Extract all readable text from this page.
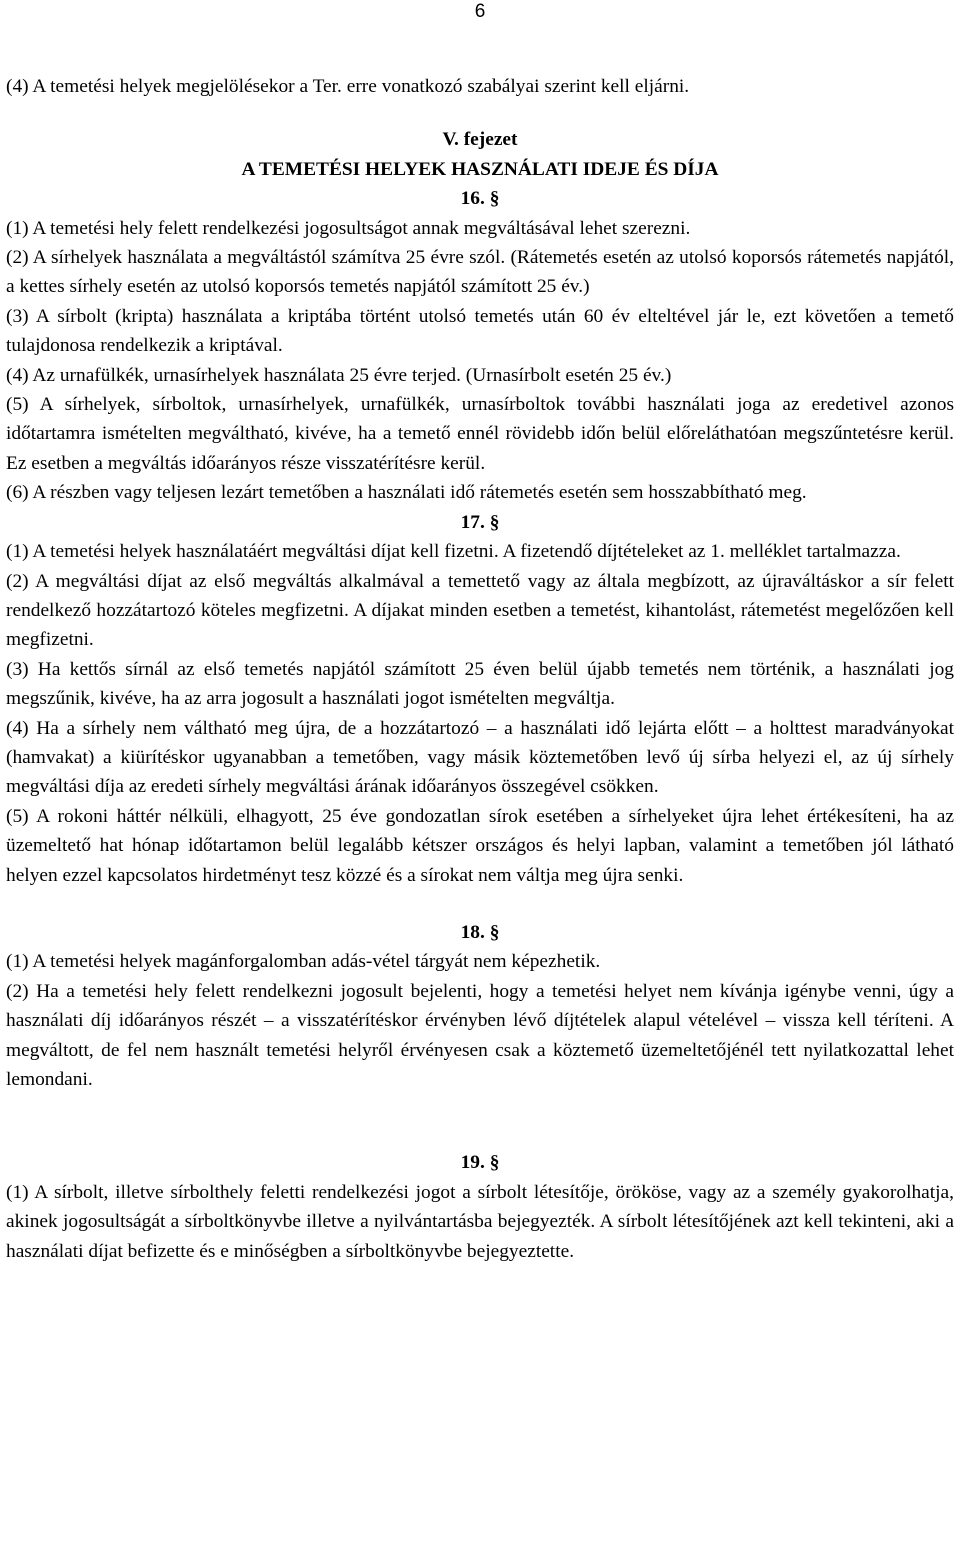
6

(4) A temetési helyek megjelölésekor a Ter. erre vonatkozó szabályai szerint kell eljárni.

V. fejezet

A TEMETÉSI HELYEK HASZNÁLATI IDEJE ÉS DÍJA

16. §

(1) A temetési hely felett rendelkezési jogosultságot annak megváltásával lehet szerezni.

(2) A sírhelyek használata a megváltástól számítva 25 évre szól. (Rátemetés esetén az utolsó koporsós rátemetés napjától, a kettes sírhely esetén az utolsó koporsós temetés napjától számított 25 év.)

(3) A sírbolt (kripta) használata a kriptába történt utolsó temetés után 60 év elteltével jár le, ezt követően a temető tulajdonosa rendelkezik a kriptával.

(4) Az urnafülkék, urnasírhelyek használata 25 évre terjed. (Urnasírbolt esetén 25 év.)

(5) A sírhelyek, sírboltok, urnasírhelyek, urnafülkék, urnasírboltok további használati joga az eredetivel azonos időtartamra ismételten megváltható, kivéve, ha a temető ennél rövidebb időn belül előreláthatóan megszűntetésre kerül. Ez esetben a megváltás időarányos része visszatérítésre kerül.

(6) A részben vagy teljesen lezárt temetőben a használati idő rátemetés esetén sem hosszabbítható meg.

17. §

(1) A temetési helyek használatáért megváltási díjat kell fizetni. A fizetendő díjtételeket az 1. melléklet tartalmazza.

(2) A megváltási díjat az első megváltás alkalmával a temettető vagy az általa megbízott, az újraváltáskor a sír felett rendelkező hozzátartozó köteles megfizetni. A díjakat minden esetben a temetést, kihantolást, rátemetést megelőzően kell megfizetni.

(3) Ha kettős sírnál az első temetés napjától számított 25 éven belül újabb temetés nem történik, a használati jog megszűnik, kivéve, ha az arra jogosult a használati jogot ismételten megváltja.

(4) Ha a sírhely nem váltható meg újra, de a hozzátartozó – a használati idő lejárta előtt – a holttest maradványokat (hamvakat) a kiürítéskor ugyanabban a temetőben, vagy másik köztemetőben levő új sírba helyezi el, az új sírhely megváltási díja az eredeti sírhely megváltási árának időarányos összegével csökken.

(5) A rokoni háttér nélküli, elhagyott, 25 éve gondozatlan sírok esetében a sírhelyeket újra lehet értékesíteni, ha az üzemeltető hat hónap időtartamon belül legalább kétszer országos és helyi lapban, valamint a temetőben jól látható helyen ezzel kapcsolatos hirdetményt tesz közzé és a sírokat nem váltja meg újra senki.

18. §

(1) A temetési helyek magánforgalomban adás-vétel tárgyát nem képezhetik.

(2) Ha a temetési hely felett rendelkezni jogosult bejelenti, hogy a temetési helyet nem kívánja igénybe venni, úgy a használati díj időarányos részét – a visszatérítéskor érvényben lévő díjtételek alapul vételével – vissza kell téríteni. A megváltott, de fel nem használt temetési helyről érvényesen csak a köztemető üzemeltetőjénél tett nyilatkozattal lehet lemondani.

19. §

(1) A sírbolt, illetve sírbolthely feletti rendelkezési jogot a sírbolt létesítője, örököse, vagy az a személy gyakorolhatja, akinek jogosultságát a sírboltkönyvbe illetve a nyilvántartásba bejegyezték. A sírbolt létesítőjének azt kell tekinteni, aki a használati díjat befizette és e minőségben a sírboltkönyvbe bejegyeztette.
